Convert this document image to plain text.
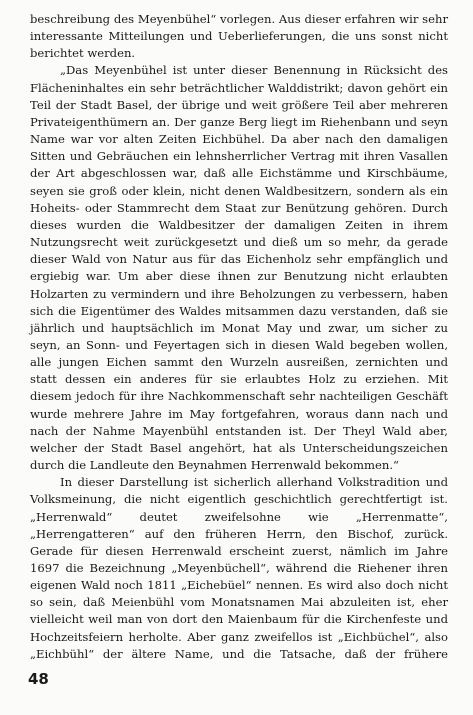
beschreibung des Meyenbühel“ vorlegen. Aus dieser erfahren wir sehr interessante Mitteilungen und Ueberlieferungen, die uns sonst nicht berichtet werden.

„Das Meyenbühel ist unter dieser Benennung in Rücksicht des Flächeninhaltes ein sehr beträchtlicher Walddistrikt; davon gehört ein Teil der Stadt Basel, der übrige und weit größere Teil aber mehreren Privateigenthümern an. Der ganze Berg liegt im Riehenbann und seyn Name war vor alten Zeiten Eichbühel. Da aber nach den damaligen Sitten und Gebräuchen ein lehnsherrlicher Vertrag mit ihren Vasallen der Art abgeschlossen war, daß alle Eichstämme und Kirschbäume, seyen sie groß oder klein, nicht denen Waldbesitzern, sondern als ein Hoheits- oder Stammrecht dem Staat zur Benützung gehören. Durch dieses wurden die Waldbesitzer der damaligen Zeiten in ihrem Nutzungsrecht weit zurückgesetzt und dieß um so mehr, da gerade dieser Wald von Natur aus für das Eichenholz sehr empfänglich und ergiebig war. Um aber diese ihnen zur Benutzung nicht erlaubten Holzarten zu vermindern und ihre Beholzungen zu verbessern, haben sich die Eigentümer des Waldes mitsammen dazu verstanden, daß sie jährlich und hauptsächlich im Monat May und zwar, um sicher zu seyn, an Sonn- und Feyertagen sich in diesen Wald begeben wollen, alle jungen Eichen sammt den Wurzeln ausreißen, zernichten und statt dessen ein anderes für sie erlaubtes Holz zu erziehen. Mit diesem jedoch für ihre Nachkommenschaft sehr nachteiligen Geschäft wurde mehrere Jahre im May fortgefahren, woraus dann nach und nach der Nahme Mayenbühl entstanden ist. Der Theyl Wald aber, welcher der Stadt Basel angehört, hat als Unterscheidungszeichen durch die Landleute den Beynahmen Herrenwald bekommen.“

In dieser Darstellung ist sicherlich allerhand Volkstradition und Volksmeinung, die nicht eigentlich geschichtlich gerechtfertigt ist. „Herrenwald“ deutet zweifelsohne wie „Herrenmatte“, „Herrengatteren“ auf den früheren Herrn, den Bischof, zurück. Gerade für diesen Herrenwald erscheint zuerst, nämlich im Jahre 1697 die Bezeichnung „Meyenbüchell“, während die Riehener ihren eigenen Wald noch 1811 „Eichebüel“ nennen. Es wird also doch nicht so sein, daß Meienbühl vom Monatsnamen Mai abzuleiten ist, eher vielleicht weil man von dort den Maienbaum für die Kirchenfeste und Hochzeitsfeiern herholte. Aber ganz zweifellos ist „Eichbüchel“, also „Eichbühl“ der ältere Name, und die Tatsache, daß der frühere

48
